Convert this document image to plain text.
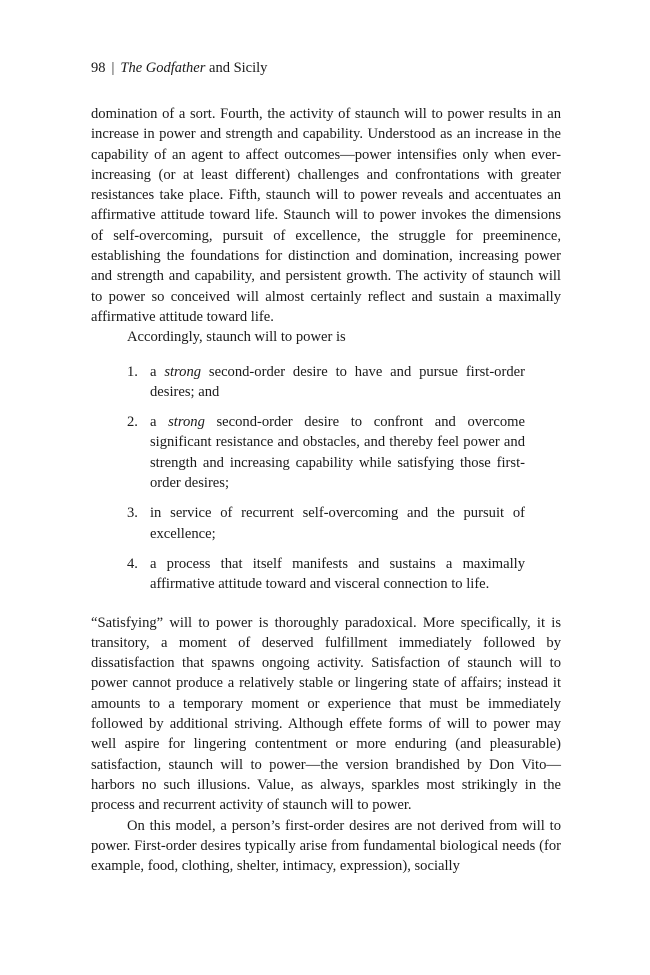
98 | The Godfather and Sicily

domination of a sort. Fourth, the activity of staunch will to power results in an increase in power and strength and capability. Understood as an increase in the capability of an agent to affect outcomes—power intensifies only when ever-increasing (or at least different) challenges and confrontations with greater resistances take place. Fifth, staunch will to power reveals and accentuates an affirmative attitude toward life. Staunch will to power invokes the dimensions of self-overcoming, pursuit of excellence, the struggle for preeminence, establishing the foundations for distinction and domination, increasing power and strength and capability, and persistent growth. The activity of staunch will to power so conceived will almost certainly reflect and sustain a maximally affirmative attitude toward life.

Accordingly, staunch will to power is

1. a strong second-order desire to have and pursue first-order desires; and
2. a strong second-order desire to confront and overcome significant resistance and obstacles, and thereby feel power and strength and increasing capability while satisfying those first-order desires;
3. in service of recurrent self-overcoming and the pursuit of excellence;
4. a process that itself manifests and sustains a maximally affirmative attitude toward and visceral connection to life.

“Satisfying” will to power is thoroughly paradoxical. More specifically, it is transitory, a moment of deserved fulfillment immediately followed by dissatisfaction that spawns ongoing activity. Satisfaction of staunch will to power cannot produce a relatively stable or lingering state of affairs; instead it amounts to a temporary moment or experience that must be immediately followed by additional striving. Although effete forms of will to power may well aspire for lingering contentment or more enduring (and pleasurable) satisfaction, staunch will to power—the version brandished by Don Vito—harbors no such illusions. Value, as always, sparkles most strikingly in the process and recurrent activity of staunch will to power.

On this model, a person’s first-order desires are not derived from will to power. First-order desires typically arise from fundamental biological needs (for example, food, clothing, shelter, intimacy, expression), socially
